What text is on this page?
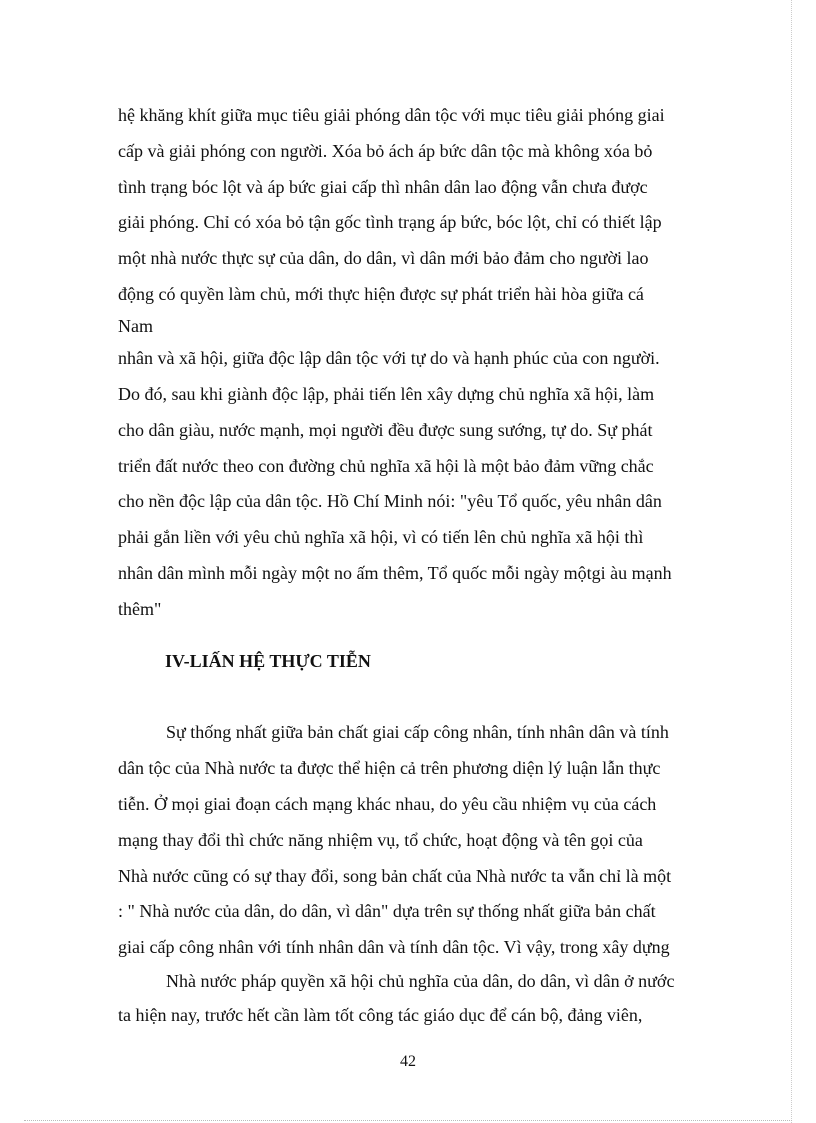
hệ khăng khít giữa mục tiêu giải phóng dân tộc với mục tiêu giải phóng giai
cấp và giải phóng con người. Xóa bỏ ách áp bức dân tộc mà không xóa bỏ
tình trạng bóc lột và áp bức giai cấp thì nhân dân lao động vẫn chưa được
giải phóng. Chỉ có xóa bỏ tận gốc tình trạng áp bức, bóc lột, chỉ có thiết lập
một nhà nước thực sự của dân, do dân, vì dân mới bảo đảm cho người lao
động có quyền làm chủ, mới thực hiện được sự phát triển hài hòa giữa cá
Nam
nhân và xã hội, giữa độc lập dân tộc với tự do và hạnh phúc của con người.
Do đó, sau khi giành độc lập, phải tiến lên xây dựng chủ nghĩa xã hội, làm
cho dân giàu, nước mạnh, mọi người đều được sung sướng, tự do. Sự phát
triển đất nước theo con đường chủ nghĩa xã hội là một bảo đảm vững chắc
cho nền độc lập của dân tộc. Hồ Chí Minh nói: "yêu Tổ quốc, yêu nhân dân
phải gắn liền với yêu chủ nghĩa xã hội, vì có tiến lên chủ nghĩa xã hội thì
nhân dân mình mỗi ngày một no ấm thêm, Tổ quốc mỗi ngày mộtgi àu mạnh
thêm"
IV-LIẤN HỆ THỰC TIỄN
Sự thống nhất giữa bản chất giai cấp công nhân, tính nhân dân và tính
dân tộc của Nhà nước ta được thể hiện cả trên phương diện lý luận lẫn thực
tiễn. Ở mọi giai đoạn cách mạng khác nhau, do yêu cầu nhiệm vụ của cách
mạng thay đổi thì chức năng nhiệm vụ, tổ chức, hoạt động và tên gọi của
Nhà nước cũng có sự thay đổi, song bản chất của Nhà nước ta vẫn chỉ là một
: " Nhà nước của dân, do dân, vì dân" dựa trên sự thống nhất giữa bản chất
giai cấp công nhân với tính nhân dân và tính dân tộc. Vì vậy, trong xây dựng
Nhà nước pháp quyền xã hội chủ nghĩa của dân, do dân, vì dân ở nước
ta hiện nay, trước hết cần làm tốt công tác giáo dục để cán bộ, đảng viên,
42
